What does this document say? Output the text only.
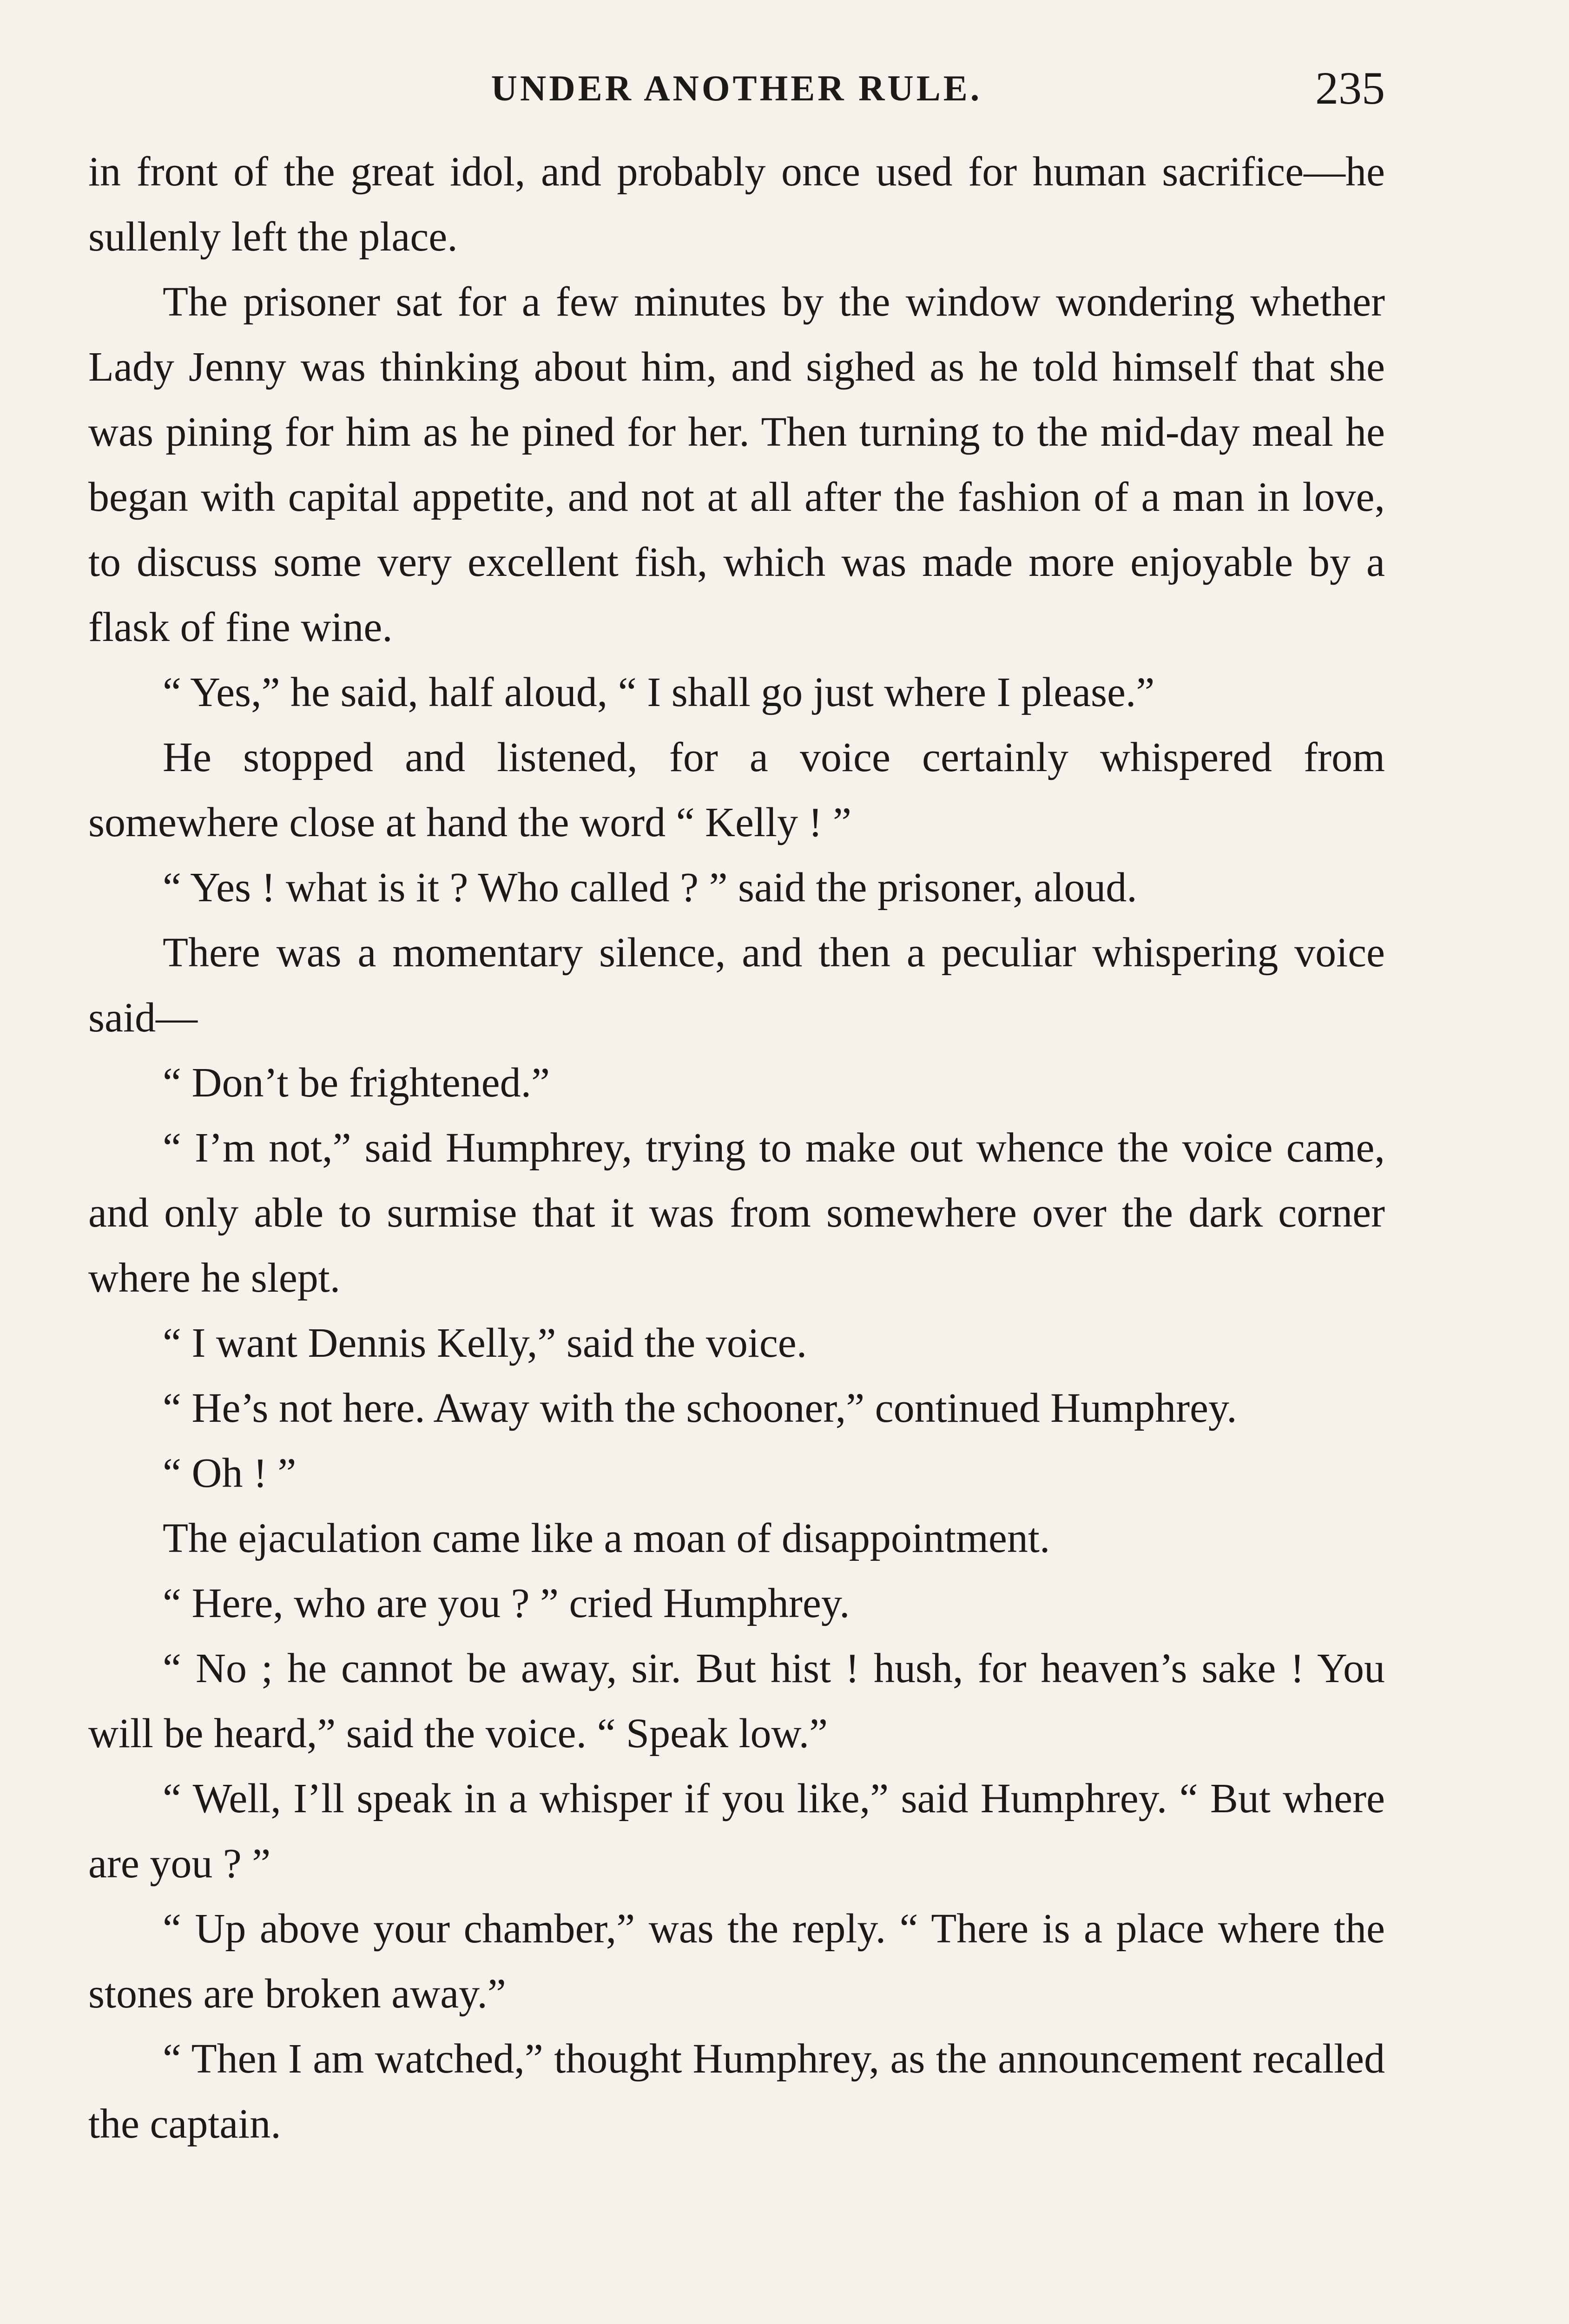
UNDER ANOTHER RULE.	235

in front of the great idol, and probably once used for human sacrifice—he sullenly left the place.

The prisoner sat for a few minutes by the window wondering whether Lady Jenny was thinking about him, and sighed as he told himself that she was pining for him as he pined for her. Then turning to the mid-day meal he began with capital appetite, and not at all after the fashion of a man in love, to discuss some very excellent fish, which was made more enjoyable by a flask of fine wine.

“ Yes,” he said, half aloud, “ I shall go just where I please.”

He stopped and listened, for a voice certainly whispered from somewhere close at hand the word “ Kelly ! ”

“ Yes ! what is it ? Who called ? ” said the prisoner, aloud.

There was a momentary silence, and then a peculiar whispering voice said—

“ Don’t be frightened.”

“ I’m not,” said Humphrey, trying to make out whence the voice came, and only able to surmise that it was from somewhere over the dark corner where he slept.

“ I want Dennis Kelly,” said the voice.

“ He’s not here. Away with the schooner,” continued Humphrey.

“ Oh ! ”

The ejaculation came like a moan of disappointment.

“ Here, who are you ? ” cried Humphrey.

“ No ; he cannot be away, sir. But hist ! hush, for heaven’s sake ! You will be heard,” said the voice. “ Speak low.”

“ Well, I’ll speak in a whisper if you like,” said Humphrey. “ But where are you ? ”

“ Up above your chamber,” was the reply. “ There is a place where the stones are broken away.”

“ Then I am watched,” thought Humphrey, as the announcement recalled the captain.
